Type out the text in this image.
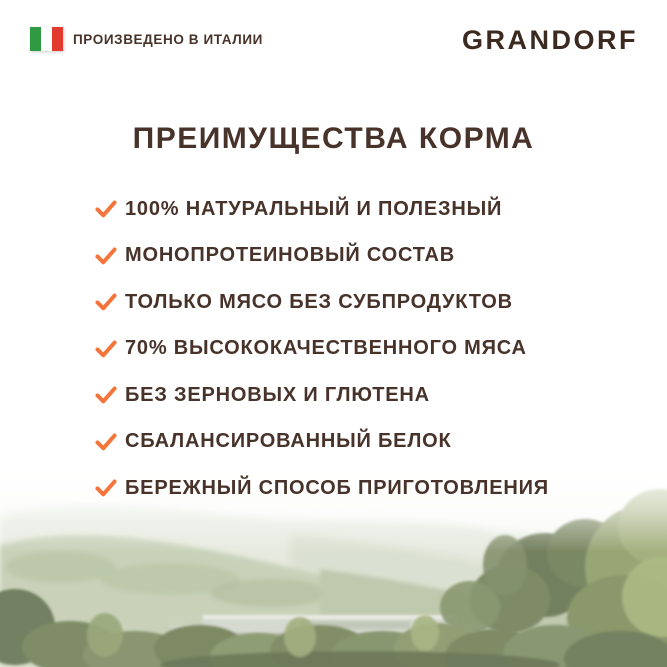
ПРОИЗВЕДЕНО В ИТАЛИИ	GRANDORF
ПРЕИМУЩЕСТВА КОРМА
100% НАТУРАЛЬНЫЙ И ПОЛЕЗНЫЙ
МОНОПРОТЕИНОВЫЙ СОСТАВ
ТОЛЬКО МЯСО БЕЗ СУБПРОДУКТОВ
70% ВЫСОКОКАЧЕСТВЕННОГО МЯСА
БЕЗ ЗЕРНОВЫХ И ГЛЮТЕНА
СБАЛАНСИРОВАННЫЙ БЕЛОК
БЕРЕЖНЫЙ СПОСОБ ПРИГОТОВЛЕНИЯ
